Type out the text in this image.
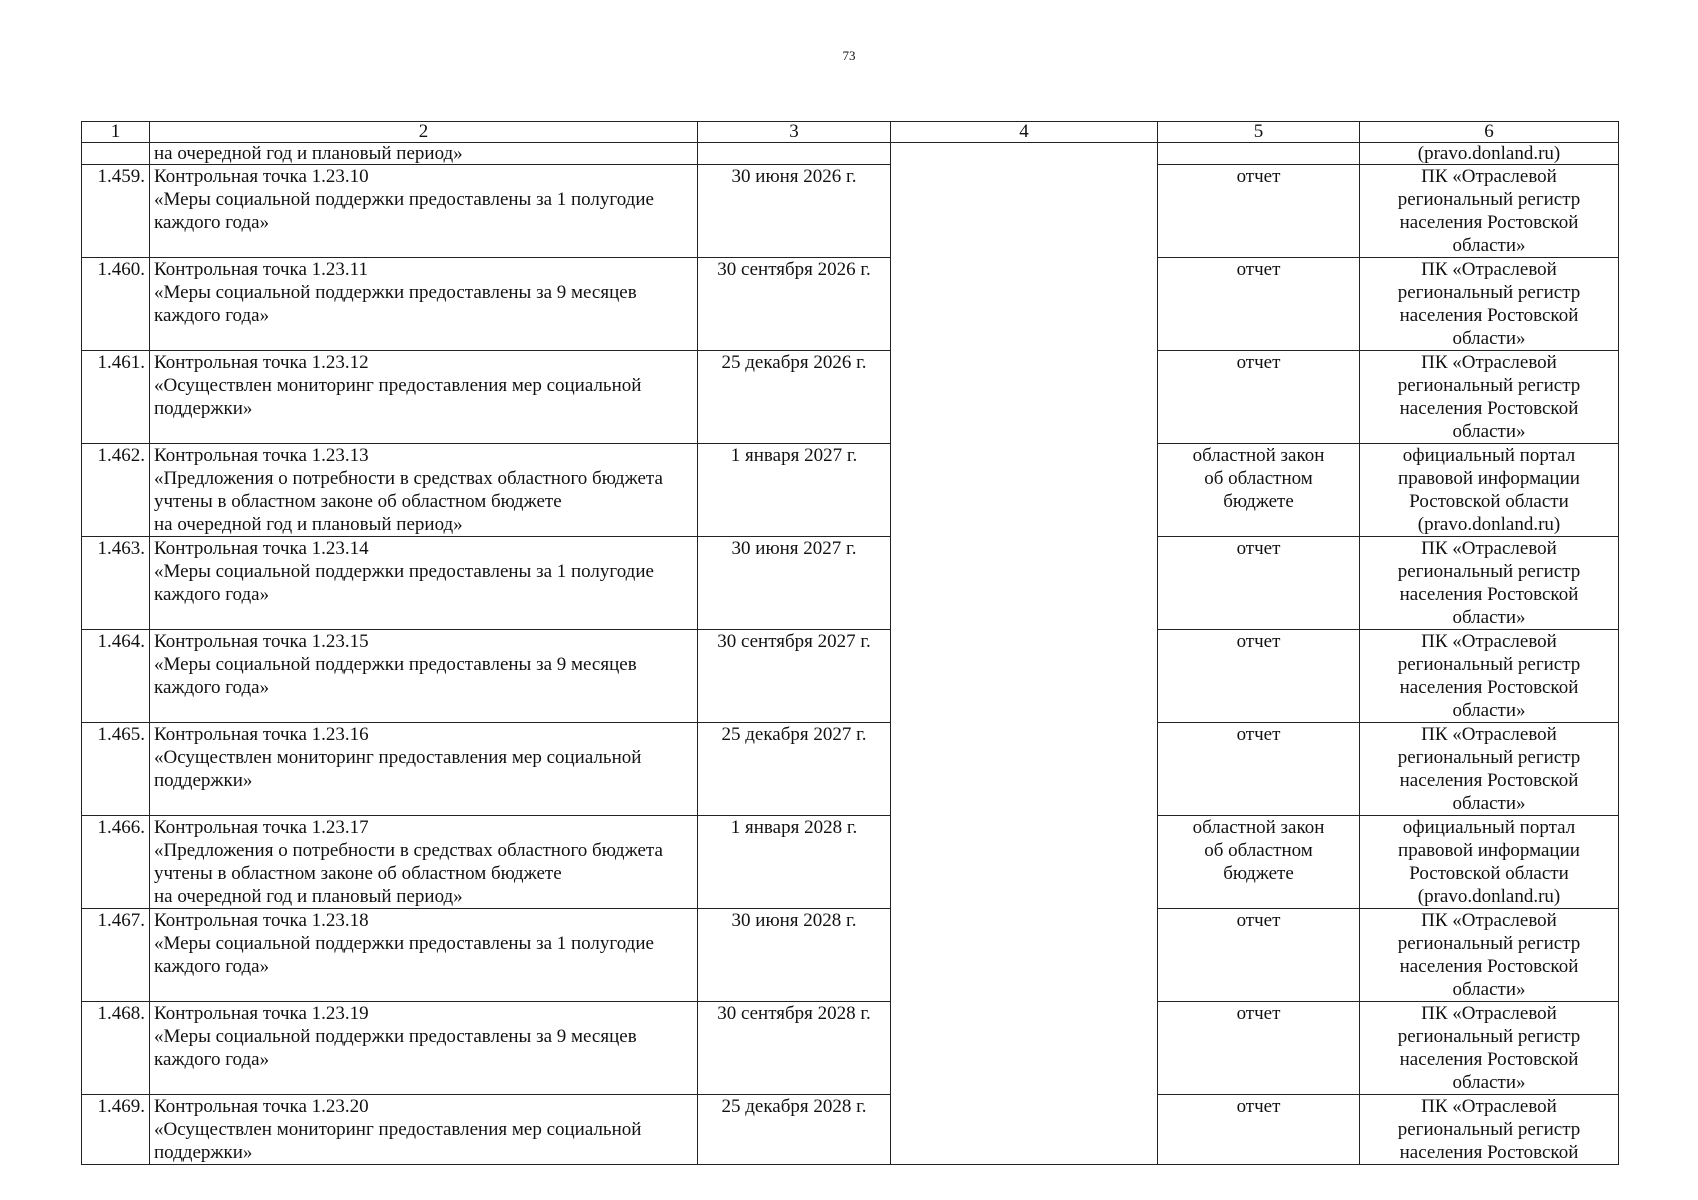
73
1	2	3	4	5	6
	на очередной год и плановый период»				(pravo.donland.ru)
1.459.	Контрольная точка 1.23.10
«Меры социальной поддержки предоставлены за 1 полугодие
каждого года»	30 июня 2026 г.		отчет	ПК «Отраслевой
региональный регистр
населения Ростовской
области»
1.460.	Контрольная точка 1.23.11
«Меры социальной поддержки предоставлены за 9 месяцев
каждого года»	30 сентября 2026 г.		отчет	ПК «Отраслевой
региональный регистр
населения Ростовской
области»
1.461.	Контрольная точка 1.23.12
«Осуществлен мониторинг предоставления мер социальной
поддержки»	25 декабря 2026 г.		отчет	ПК «Отраслевой
региональный регистр
населения Ростовской
области»
1.462.	Контрольная точка 1.23.13
«Предложения о потребности в средствах областного бюджета
учтены в областном законе об областном бюджете
на очередной год и плановый период»	1 января 2027 г.		областной закон
об областном
бюджете	официальный портал
правовой информации
Ростовской области
(pravo.donland.ru)
1.463.	Контрольная точка 1.23.14
«Меры социальной поддержки предоставлены за 1 полугодие
каждого года»	30 июня 2027 г.		отчет	ПК «Отраслевой
региональный регистр
населения Ростовской
области»
1.464.	Контрольная точка 1.23.15
«Меры социальной поддержки предоставлены за 9 месяцев
каждого года»	30 сентября 2027 г.		отчет	ПК «Отраслевой
региональный регистр
населения Ростовской
области»
1.465.	Контрольная точка 1.23.16
«Осуществлен мониторинг предоставления мер социальной
поддержки»	25 декабря 2027 г.		отчет	ПК «Отраслевой
региональный регистр
населения Ростовской
области»
1.466.	Контрольная точка 1.23.17
«Предложения о потребности в средствах областного бюджета
учтены в областном законе об областном бюджете
на очередной год и плановый период»	1 января 2028 г.		областной закон
об областном
бюджете	официальный портал
правовой информации
Ростовской области
(pravo.donland.ru)
1.467.	Контрольная точка 1.23.18
«Меры социальной поддержки предоставлены за 1 полугодие
каждого года»	30 июня 2028 г.		отчет	ПК «Отраслевой
региональный регистр
населения Ростовской
области»
1.468.	Контрольная точка 1.23.19
«Меры социальной поддержки предоставлены за 9 месяцев
каждого года»	30 сентября 2028 г.		отчет	ПК «Отраслевой
региональный регистр
населения Ростовской
области»
1.469.	Контрольная точка 1.23.20
«Осуществлен мониторинг предоставления мер социальной
поддержки»	25 декабря 2028 г.		отчет	ПК «Отраслевой
региональный регистр
населения Ростовской
